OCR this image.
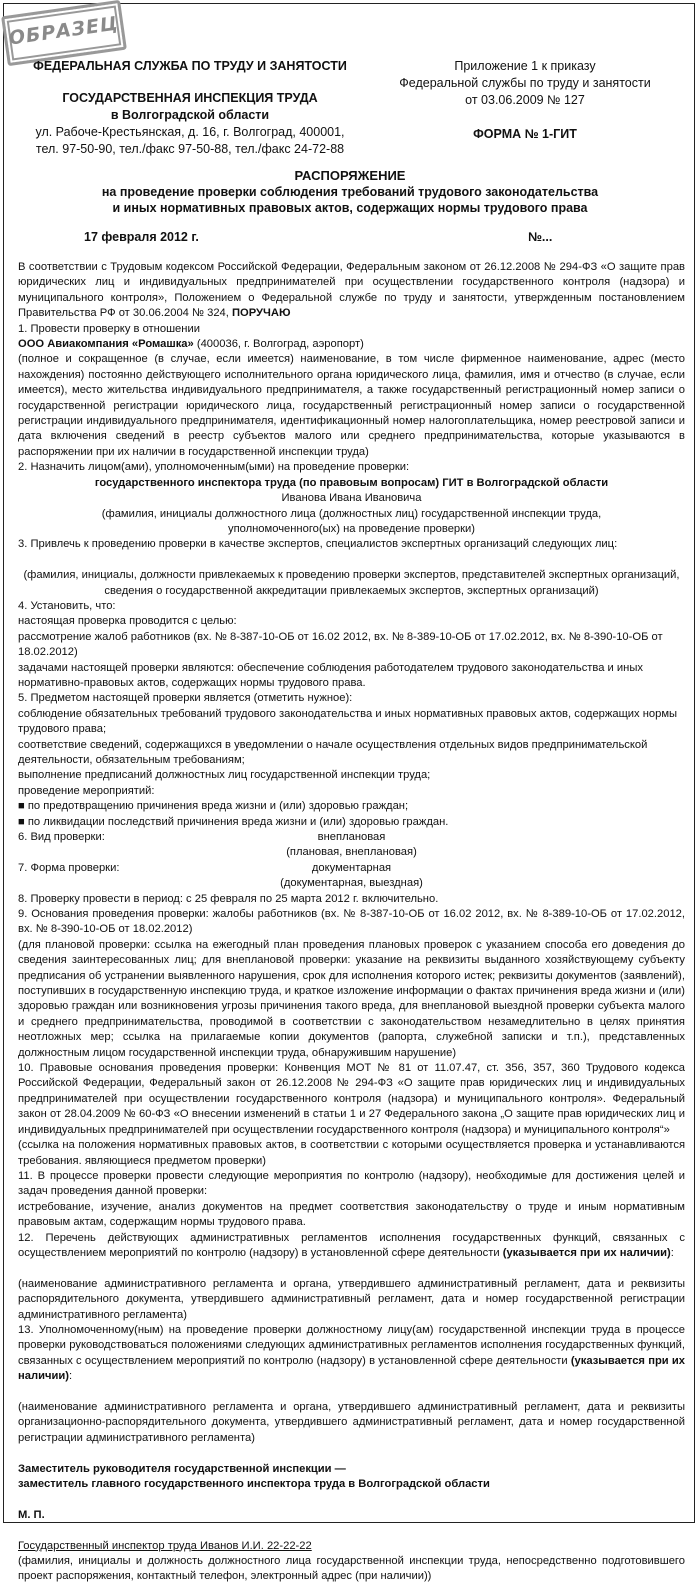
ОБРАЗЕЦ
ФЕДЕРАЛЬНАЯ СЛУЖБА ПО ТРУДУ И ЗАНЯТОСТИ
ГОСУДАРСТВЕННАЯ ИНСПЕКЦИЯ ТРУДА
в Волгоградской области
ул. Рабоче-Крестьянская, д. 16, г. Волгоград, 400001,
тел. 97-50-90, тел./факс 97-50-88, тел./факс 24-72-88
Приложение 1 к приказу
Федеральной службы по труду и занятости
от 03.06.2009 № 127
ФОРМА № 1-ГИТ
РАСПОРЯЖЕНИЕ
на проведение проверки соблюдения требований трудового законодательства
и иных нормативных правовых актов, содержащих нормы трудового права
17 февраля 2012 г.	№...

В соответствии с Трудовым кодексом Российской Федерации, Федеральным законом от 26.12.2008 № 294-ФЗ «О защите прав юридических лиц и индивидуальных предпринимателей при осуществлении государственного контроля (надзора) и муниципального контроля», Положением о Федеральной службе по труду и занятости, утвержденным постановлением Правительства РФ от 30.06.2004 № 324, ПОРУЧАЮ

1. Провести проверку в отношении

ООО Авиакомпания «Ромашка» (400036, г. Волгоград, аэропорт)

(полное и сокращенное (в случае, если имеется) наименование, в том числе фирменное наименование, адрес (место нахождения) постоянно действующего исполнительного органа юридического лица, фамилия, имя и отчество (в случае, если имеется), место жительства индивидуального предпринимателя, а также государственный регистрационный номер записи о государственной регистрации юридического лица, государственный регистрационный номер записи о государственной регистрации индивидуального предпринимателя, идентификационный номер налогоплательщика, номер реестровой записи и дата включения сведений в реестр субъектов малого или среднего предпринимательства, которые указываются в распоряжении при их наличии в государственной инспекции труда)

2. Назначить лицом(ами), уполномоченным(ыми) на проведение проверки:

государственного инспектора труда (по правовым вопросам) ГИТ в Волгоградской области

Иванова Ивана Ивановича

(фамилия, инициалы должностного лица (должностных лиц) государственной инспекции труда,

уполномоченного(ых) на проведение проверки)

3. Привлечь к проведению проверки в качестве экспертов, специалистов экспертных организаций следующих лиц:

(фамилия, инициалы, должности привлекаемых к проведению проверки экспертов, представителей экспертных организаций, сведения о государственной аккредитации привлекаемых экспертов, экспертных организаций)

4. Установить, что:

настоящая проверка проводится с целью:

рассмотрение жалоб работников (вх. № 8-387-10-ОБ от 16.02 2012, вх. № 8-389-10-ОБ от 17.02.2012, вх. № 8-390-10-ОБ от 18.02.2012)

задачами настоящей проверки являются: обеспечение соблюдения работодателем трудового законодательства и иных нормативно-правовых актов, содержащих нормы трудового права.

5. Предметом настоящей проверки является (отметить нужное):

соблюдение обязательных требований трудового законодательства и иных нормативных правовых актов, содержащих нормы трудового права;

соответствие сведений, содержащихся в уведомлении о начале осуществления отдельных видов предпринимательской деятельности, обязательным требованиям;

выполнение предписаний должностных лиц государственной инспекции труда;

проведение мероприятий:

■ по предотвращению причинения вреда жизни и (или) здоровью граждан;

■ по ликвидации последствий причинения вреда жизни и (или) здоровью граждан.

6. Вид проверки:	внеплановая

(плановая, внеплановая)

7. Форма проверки:	документарная

(документарная, выездная)

8. Проверку провести в период: с 25 февраля по 25 марта 2012 г. включительно.

9. Основания проведения проверки: жалобы работников (вх. № 8-387-10-ОБ от 16.02 2012, вх. № 8-389-10-ОБ от 17.02.2012, вх. № 8-390-10-ОБ от 18.02.2012)

(для плановой проверки: ссылка на ежегодный план проведения плановых проверок с указанием способа его доведения до сведения заинтересованных лиц; для внеплановой проверки: указание на реквизиты выданного хозяйствующему субъекту предписания об устранении выявленного нарушения, срок для исполнения которого истек; реквизиты документов (заявлений), поступивших в государственную инспекцию труда, и краткое изложение информации о фактах причинения вреда жизни и (или) здоровью граждан или возникновения угрозы причинения такого вреда, для внеплановой выездной проверки субъекта малого и среднего предпринимательства, проводимой в соответствии с законодательством незамедлительно в целях принятия неотложных мер; ссылка на прилагаемые копии документов (рапорта, служебной записки и т.п.), представленных должностным лицом государственной инспекции труда, обнаружившим нарушение)

10. Правовые основания проведения проверки: Конвенция МОТ № 81 от 11.07.47, ст. 356, 357, 360 Трудового кодекса Российской Федерации, Федеральный закон от 26.12.2008 № 294-ФЗ «О защите прав юридических лиц и индивидуальных предпринимателей при осуществлении государственного контроля (надзора) и муниципального контроля». Федеральный закон от 28.04.2009 № 60-ФЗ «О внесении изменений в статьи 1 и 27 Федерального закона „О защите прав юридических лиц и индивидуальных предпринимателей при осуществлении государственного контроля (надзора) и муниципального контроля“»

(ссылка на положения нормативных правовых актов, в соответствии с которыми осуществляется проверка и устанавливаются требования. являющиеся предметом проверки)

11. В процессе проверки провести следующие мероприятия по контролю (надзору), необходимые для достижения целей и задач проведения данной проверки:

истребование, изучение, анализ документов на предмет соответствия законодательству о труде и иным нормативным правовым актам, содержащим нормы трудового права.

12. Перечень действующих административных регламентов исполнения государственных функций, связанных с осуществлением мероприятий по контролю (надзору) в установленной сфере деятельности (указывается при их наличии):

(наименование административного регламента и органа, утвердившего административный регламент, дата и реквизиты распорядительного документа, утвердившего административный регламент, дата и номер государственной регистрации административного регламента)

13. Уполномоченному(ным) на проведение проверки должностному лицу(ам) государственной инспекции труда в процессе проверки руководствоваться положениями следующих административных регламентов исполнения государственных функций, связанных с осуществлением мероприятий по контролю (надзору) в установленной сфере деятельности (указывается при их наличии):

(наименование административного регламента и органа, утвердившего административный регламент, дата и реквизиты организационно-распорядительного документа, утвердившего административный регламент, дата и номер государственной регистрации административного регламента)

Заместитель руководителя государственной инспекции —

заместитель главного государственного инспектора труда в Волгоградской области

М. П.

Государственный инспектор труда Иванов И.И. 22-22-22

(фамилия, инициалы и должность должностного лица государственной инспекции труда, непосредственно подготовившего проект распоряжения, контактный телефон, электронный адрес (при наличии))
